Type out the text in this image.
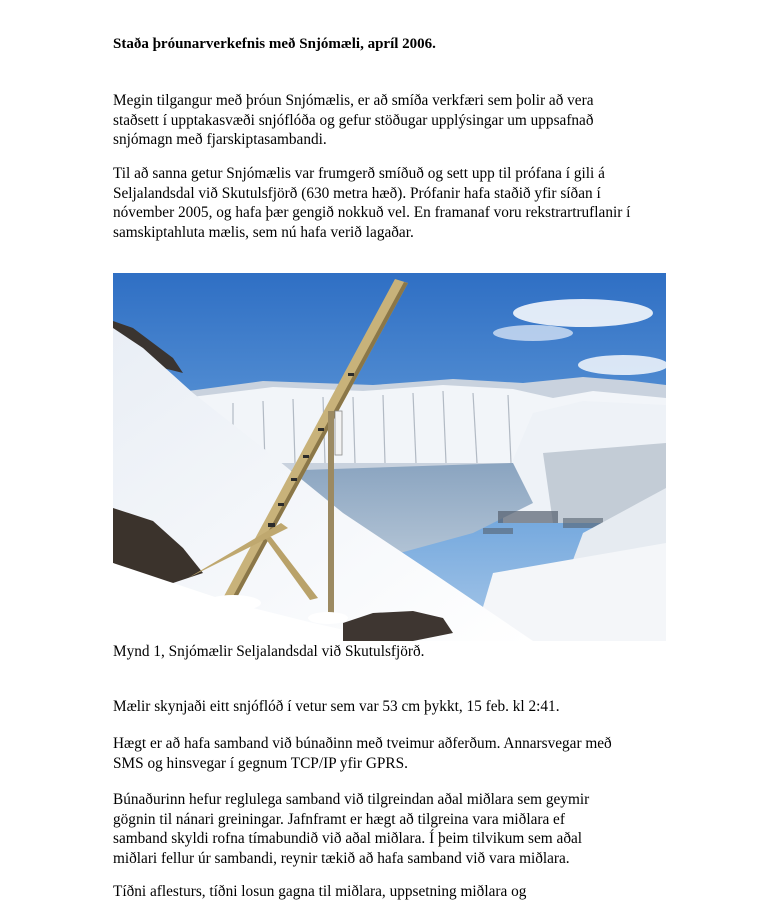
Staða þróunarverkefnis með Snjómæli, apríl 2006.
Megin tilgangur með þróun Snjómælis, er að smíða verkfæri sem þolir að vera
staðsett í upptakasvæði snjóflóða og gefur stöðugar upplýsingar um uppsafnað
snjómagn með fjarskiptasambandi.
Til að sanna getur Snjómælis var frumgerð smíðuð og sett upp til prófana í gili á
Seljalandsdal við Skutulsfjörð (630 metra hæð). Prófanir hafa staðið yfir síðan í
nóvember 2005, og hafa þær gengið nokkuð vel. En framanaf voru rekstrartruflanir í
samskiptahluta mælis, sem nú hafa verið lagaðar.
Mynd 1, Snjómælir Seljalandsdal við Skutulsfjörð.
Mælir skynjaði eitt snjóflóð í vetur sem var 53 cm þykkt, 15 feb. kl 2:41.
Hægt er að hafa samband við búnaðinn með tveimur aðferðum. Annarsvegar með
SMS og hinsvegar í gegnum TCP/IP yfir GPRS.
Búnaðurinn hefur reglulega samband við tilgreindan aðal miðlara sem geymir
gögnin til nánari greiningar. Jafnframt er hægt að tilgreina vara miðlara ef
samband skyldi rofna tímabundið við aðal miðlara. Í þeim tilvikum sem aðal
miðlari fellur úr sambandi, reynir tækið að hafa samband við vara miðlara.
Tíðni aflesturs, tíðni losun gagna til miðlara, uppsetning miðlara og
